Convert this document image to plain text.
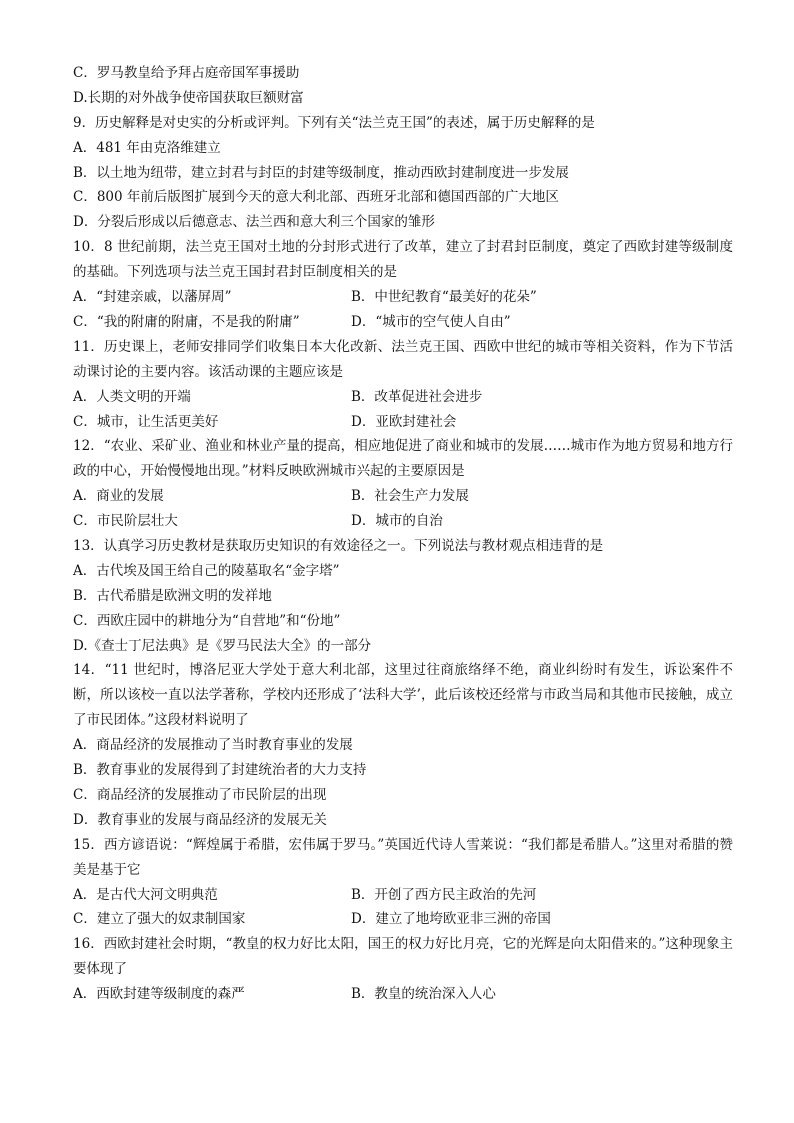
C．罗马教皇给予拜占庭帝国军事援助
D.长期的对外战争使帝国获取巨额财富
9．历史解释是对史实的分析或评判。下列有关“法兰克王国”的表述，属于历史解释的是
A．481 年由克洛维建立
B．以土地为纽带，建立封君与封臣的封建等级制度，推动西欧封建制度进一步发展
C．800 年前后版图扩展到今天的意大利北部、西班牙北部和德国西部的广大地区
D．分裂后形成以后德意志、法兰西和意大利三个国家的雏形
10．8 世纪前期，法兰克王国对土地的分封形式进行了改革，建立了封君封臣制度，奠定了西欧封建等级制度的基础。下列选项与法兰克王国封君封臣制度相关的是
A．“封建亲戚，以藩屏周”	B．中世纪教育“最美好的花朵”
C．“我的附庸的附庸，不是我的附庸”	D．“城市的空气使人自由”
11．历史课上，老师安排同学们收集日本大化改新、法兰克王国、西欧中世纪的城市等相关资料，作为下节活动课讨论的主要内容。该活动课的主题应该是
A．人类文明的开端	B．改革促进社会进步
C．城市，让生活更美好	D．亚欧封建社会
12．“农业、采矿业、渔业和林业产量的提高，相应地促进了商业和城市的发展……城市作为地方贸易和地方行政的中心，开始慢慢地出现。”材料反映欧洲城市兴起的主要原因是
A．商业的发展	B．社会生产力发展
C．市民阶层壮大	D．城市的自治
13．认真学习历史教材是获取历史知识的有效途径之一。下列说法与教材观点相违背的是
A．古代埃及国王给自己的陵墓取名“金字塔”
B．古代希腊是欧洲文明的发祥地
C．西欧庄园中的耕地分为“自营地”和“份地”
D.《查士丁尼法典》是《罗马民法大全》的一部分
14．“11 世纪时，博洛尼亚大学处于意大利北部，这里过往商旅络绎不绝，商业纠纷时有发生，诉讼案件不断，所以该校一直以法学著称，学校内还形成了‘法科大学’，此后该校还经常与市政当局和其他市民接触，成立了市民团体。”这段材料说明了
A．商品经济的发展推动了当时教育事业的发展
B．教育事业的发展得到了封建统治者的大力支持
C．商品经济的发展推动了市民阶层的出现
D．教育事业的发展与商品经济的发展无关
15．西方谚语说：“辉煌属于希腊，宏伟属于罗马。”英国近代诗人雪莱说：“我们都是希腊人。”这里对希腊的赞美是基于它
A．是古代大河文明典范	B．开创了西方民主政治的先河
C．建立了强大的奴隶制国家	D．建立了地垮欧亚非三洲的帝国
16．西欧封建社会时期，“教皇的权力好比太阳，国王的权力好比月亮，它的光辉是向太阳借来的。”这种现象主要体现了
A．西欧封建等级制度的森严	B．教皇的统治深入人心
